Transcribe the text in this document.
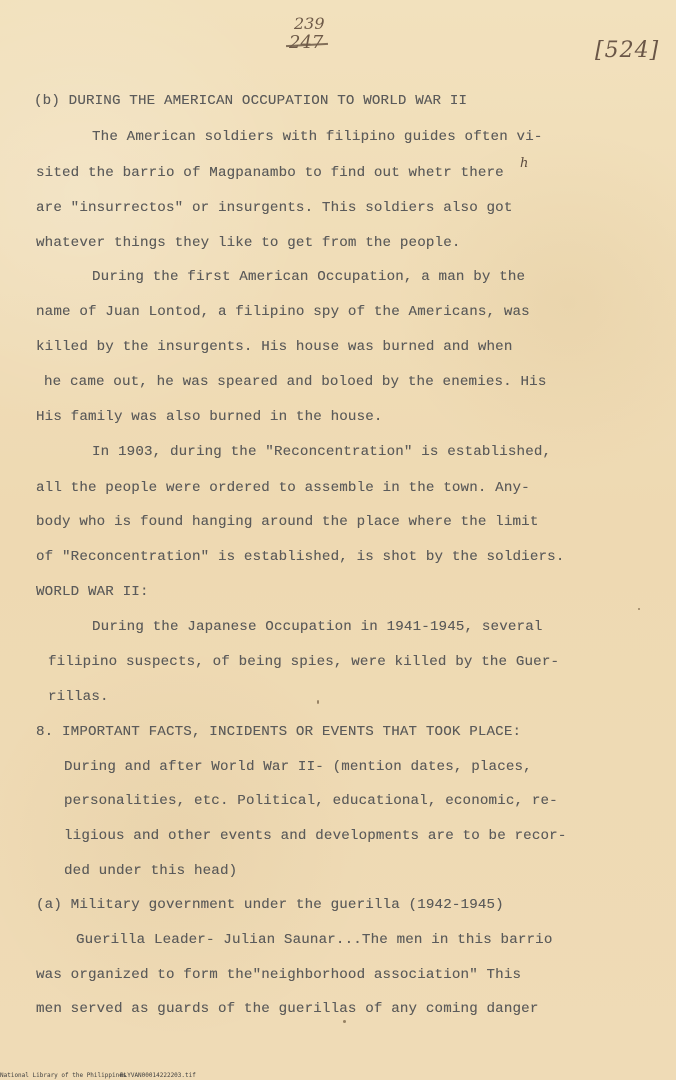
239
247	[524]
(b) DURING THE AMERICAN OCCUPATION TO WORLD WAR II
The American soldiers with filipino guides often vi-
sited the barrio of Magpanambo to find out whetr there
h
are "insurrectos" or insurgents. This soldiers also got
whatever things they like to get from the people.
During the first American Occupation, a man by the
name of Juan Lontod, a filipino spy of the Americans, was
killed by the insurgents. His house was burned and when
he came out, he was speared and boloed by the enemies. His
His family was also burned in the house.
In 1903, during the "Reconcentration" is established,
all the people were ordered to assemble in the town. Any-
body who is found hanging around the place where the limit
of "Reconcentration" is established, is shot by the soldiers.
WORLD WAR II:
During the Japanese Occupation in 1941-1945, several
filipino suspects, of being spies, were killed by the Guer-
rillas.
8. IMPORTANT FACTS, INCIDENTS OR EVENTS THAT TOOK PLACE:
During and after World War II- (mention dates, places,
personalities, etc. Political, educational, economic, re-
ligious and other events and developments are to be recor-
ded under this head)
(a) Military government under the guerilla (1942-1945)
Guerilla Leader- Julian Saunar...The men in this barrio
was organized to form the"neighborhood association" This
men served as guards of the guerillas of any coming danger
National Library of the Philippines
BLYVAN00014222203.tif
